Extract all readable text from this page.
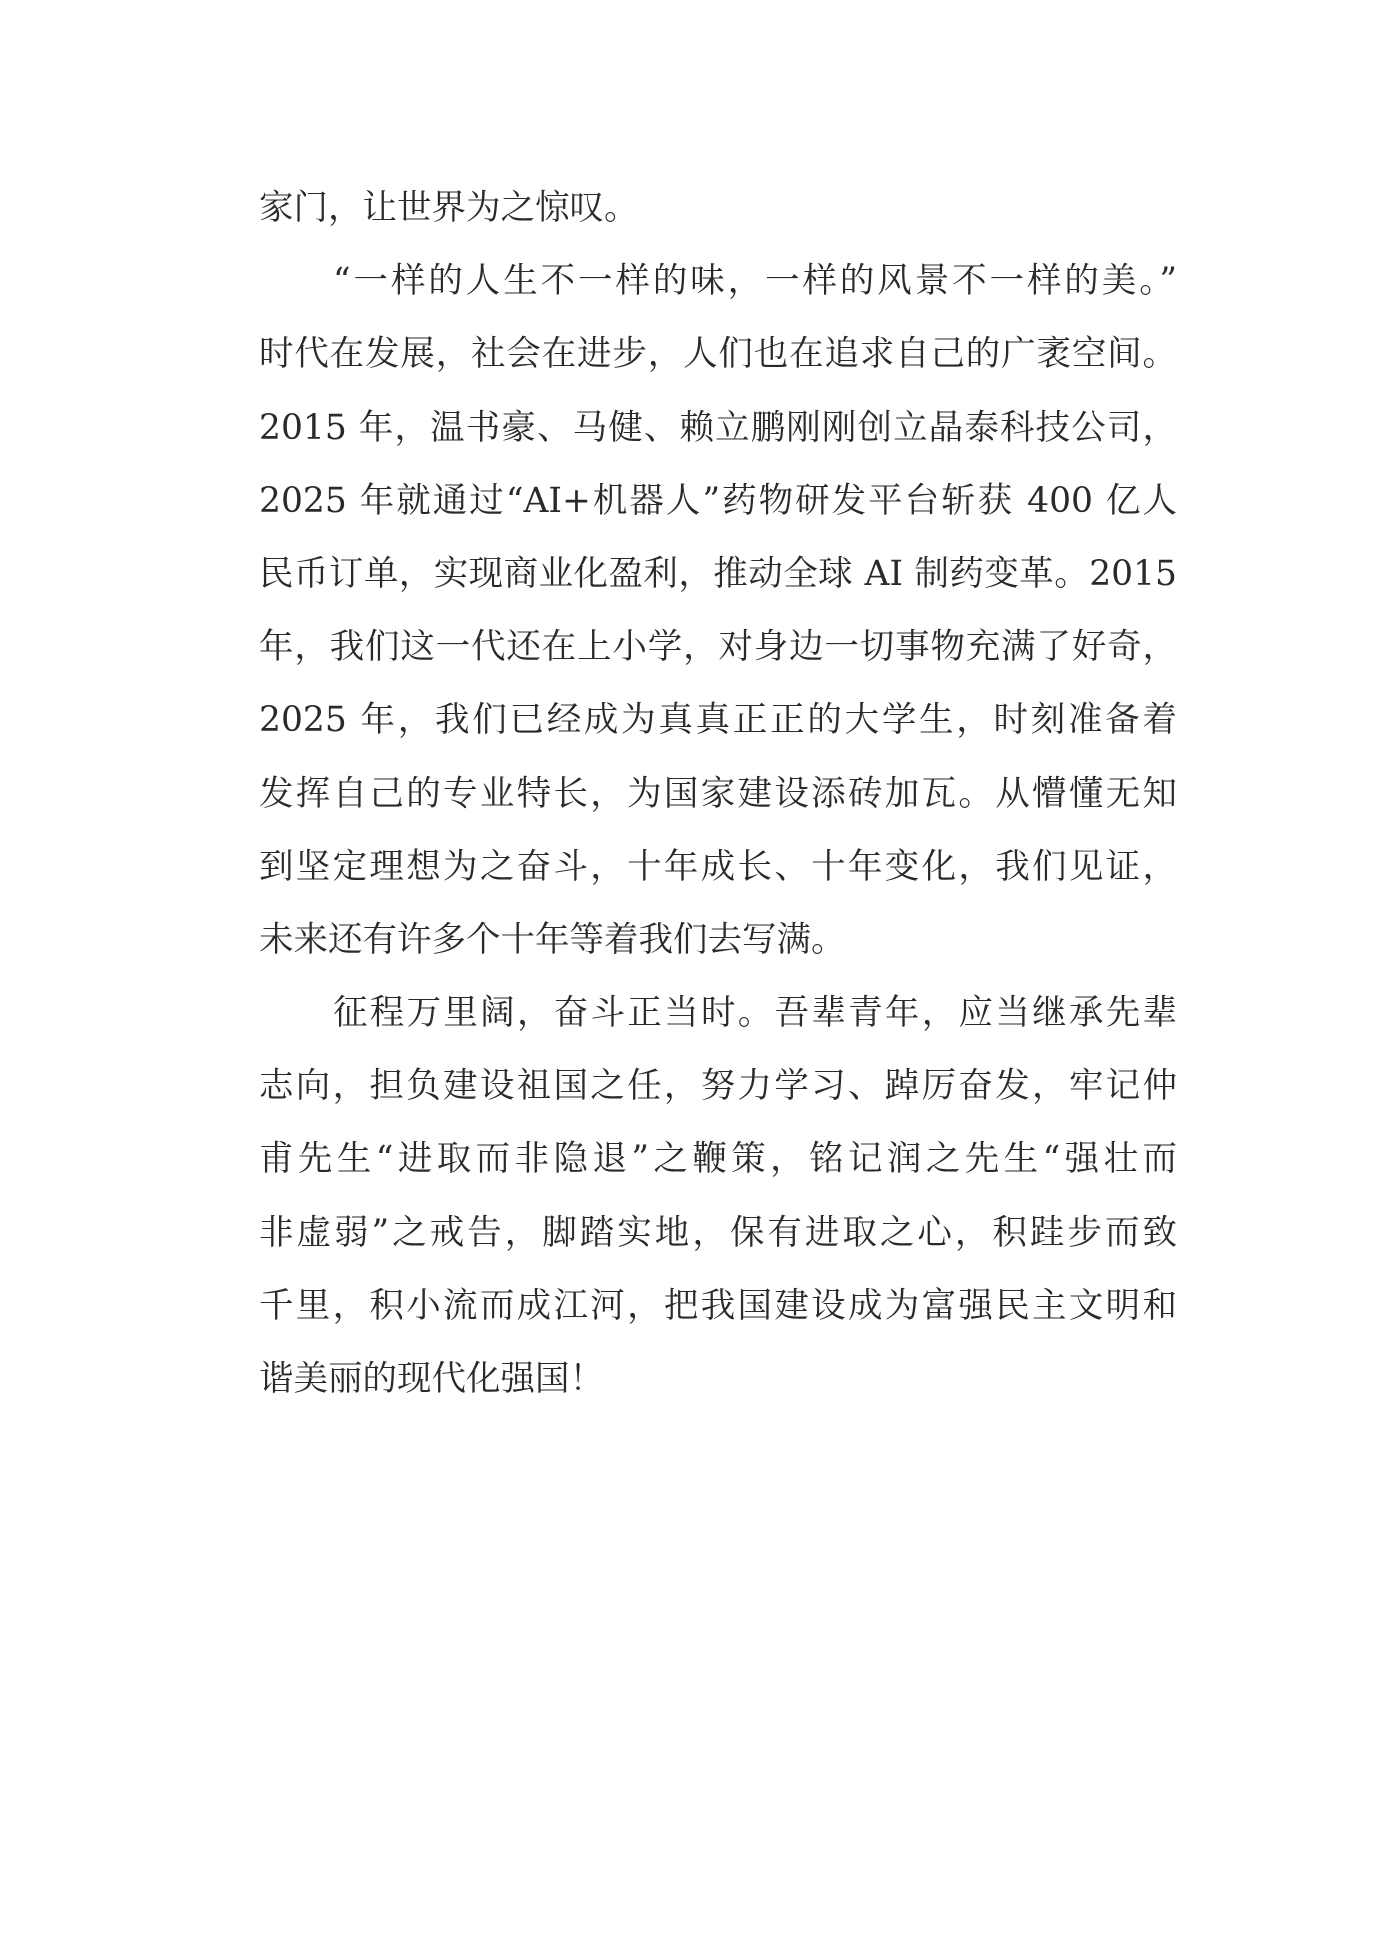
家门，让世界为之惊叹。
“一样的人生不一样的味，一样的风景不一样的美。”
时代在发展，社会在进步，人们也在追求自己的广袤空间。
2015 年，温书豪、马健、赖立鹏刚刚创立晶泰科技公司，
2025 年就通过“AI+机器人”药物研发平台斩获 400 亿人
民币订单，实现商业化盈利，推动全球 AI 制药变革。2015
年，我们这一代还在上小学，对身边一切事物充满了好奇，
2025 年，我们已经成为真真正正的大学生，时刻准备着
发挥自己的专业特长，为国家建设添砖加瓦。从懵懂无知
到坚定理想为之奋斗，十年成长、十年变化，我们见证，
未来还有许多个十年等着我们去写满。
征程万里阔，奋斗正当时。吾辈青年，应当继承先辈
志向，担负建设祖国之任，努力学习、踔厉奋发，牢记仲
甫先生“进取而非隐退”之鞭策，铭记润之先生“强壮而
非虚弱”之戒告，脚踏实地，保有进取之心，积跬步而致
千里，积小流而成江河，把我国建设成为富强民主文明和
谐美丽的现代化强国！
